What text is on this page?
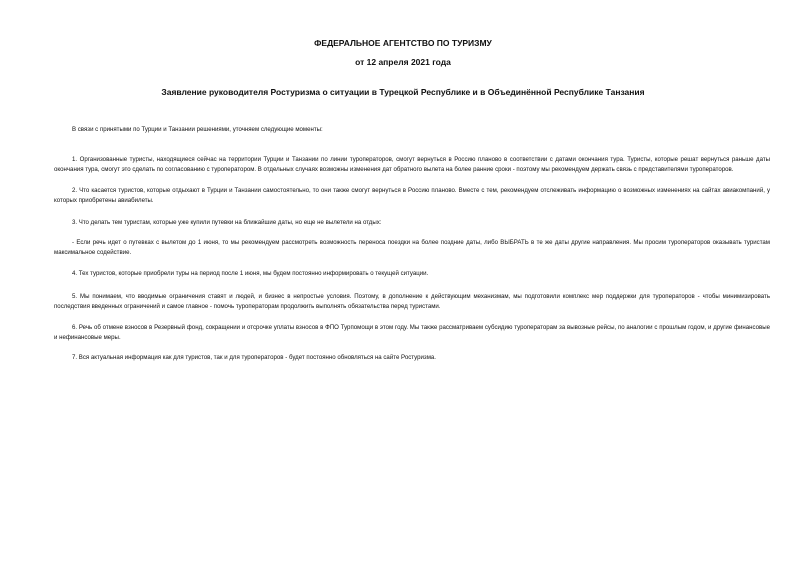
ФЕДЕРАЛЬНОЕ АГЕНТСТВО ПО ТУРИЗМУ
от 12 апреля 2021 года
Заявление руководителя Ростуризма о ситуации в Турецкой Республике и в Объединённой Республике Танзания

В связи с принятыми по Турции и Танзании решениями, уточняем следующие моменты:

1. Организованные туристы, находящиеся сейчас на территории Турции и Танзании по линии туроператоров, смогут вернуться в Россию планово в соответствии с датами окончания тура. Туристы, которые решат вернуться раньше даты окончания тура, смогут это сделать по согласованию с туроператором. В отдельных случаях возможны изменения дат обратного вылета на более ранние сроки - поэтому мы рекомендуем держать связь с представителями туроператоров.

2. Что касается туристов, которые отдыхают в Турции и Танзании самостоятельно, то они также смогут вернуться в Россию планово. Вместе с тем, рекомендуем отслеживать информацию о возможных изменениях на сайтах авиакомпаний, у которых приобретены авиабилеты.

3. Что делать тем туристам, которые уже купили путевки на ближайшие даты, но еще не вылетели на отдых:

- Если речь идет о путевках с вылетом до 1 июня, то мы рекомендуем рассмотреть возможность переноса поездки на более поздние даты, либо ВЫБРАТЬ в те же даты другие направления. Мы просим туроператоров оказывать туристам максимальное содействие.

4. Тех туристов, которые приобрели туры на период после 1 июня, мы будем постоянно информировать о текущей ситуации.

5. Мы понимаем, что вводимые ограничения ставят и людей, и бизнес в непростые условия. Поэтому, в дополнение к действующим механизмам, мы подготовили комплекс мер поддержки для туроператоров - чтобы минимизировать последствия введенных ограничений и самое главное - помочь туроператорам продолжить выполнять обязательства перед туристами.

6. Речь об отмене взносов в Резервный фонд, сокращении и отсрочке уплаты взносов в ФПО Турпомощи в этом году. Мы также рассматриваем субсидию туроператорам за вывозные рейсы, по аналогии с прошлым годом, и другие финансовые и нефинансовые меры.

7. Вся актуальная информация как для туристов, так и для туроператоров - будет постоянно обновляться на сайте Ростуризма.
